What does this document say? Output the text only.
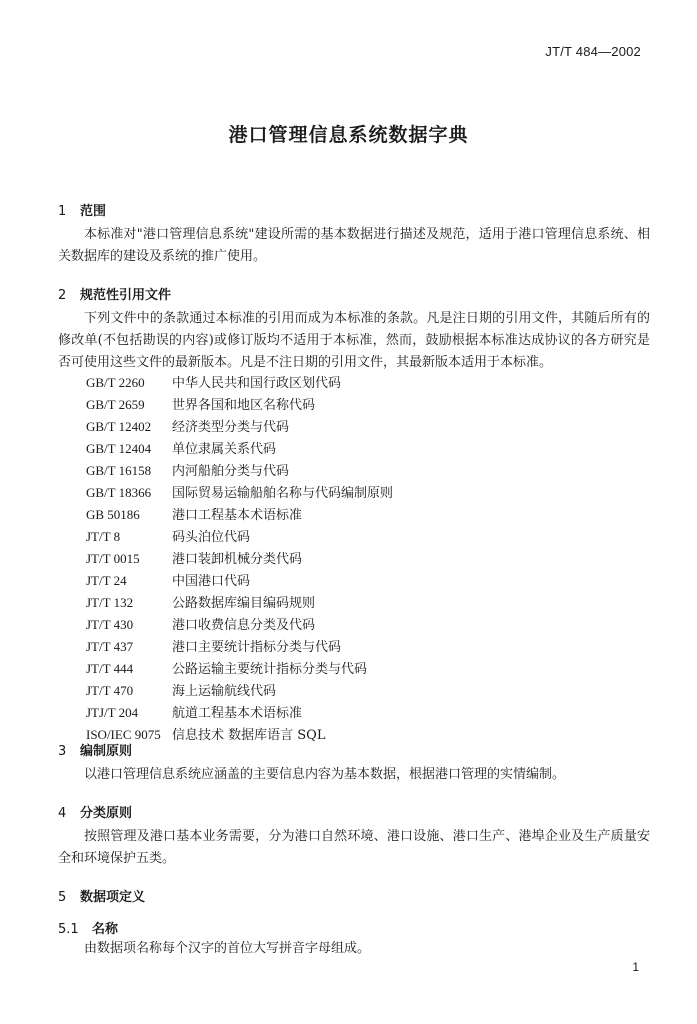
JT/T 484—2002
港口管理信息系统数据字典
1 范围
本标准对"港口管理信息系统"建设所需的基本数据进行描述及规范，适用于港口管理信息系统、相关数据库的建设及系统的推广使用。
2 规范性引用文件
下列文件中的条款通过本标准的引用而成为本标准的条款。凡是注日期的引用文件，其随后所有的修改单(不包括勘误的内容)或修订版均不适用于本标准，然而，鼓励根据本标准达成协议的各方研究是否可使用这些文件的最新版本。凡是不注日期的引用文件，其最新版本适用于本标准。
GB/T 2260 中华人民共和国行政区划代码
GB/T 2659 世界各国和地区名称代码
GB/T 12402 经济类型分类与代码
GB/T 12404 单位隶属关系代码
GB/T 16158 内河船舶分类与代码
GB/T 18366 国际贸易运输船舶名称与代码编制原则
GB 50186 港口工程基本术语标准
JT/T 8	码头泊位代码
JT/T 0015 港口装卸机械分类代码
JT/T 24	中国港口代码
JT/T 132	公路数据库编目编码规则
JT/T 430	港口收费信息分类及代码
JT/T 437	港口主要统计指标分类与代码
JT/T 444	公路运输主要统计指标分类与代码
JT/T 470	海上运输航线代码
JTJ/T 204	航道工程基本术语标准
ISO/IEC 9075 信息技术 数据库语言 SQL
3 编制原则
以港口管理信息系统应涵盖的主要信息内容为基本数据，根据港口管理的实情编制。
4 分类原则
按照管理及港口基本业务需要，分为港口自然环境、港口设施、港口生产、港埠企业及生产质量安全和环境保护五类。
5 数据项定义
5.1 名称
由数据项名称每个汉字的首位大写拼音字母组成。
1
